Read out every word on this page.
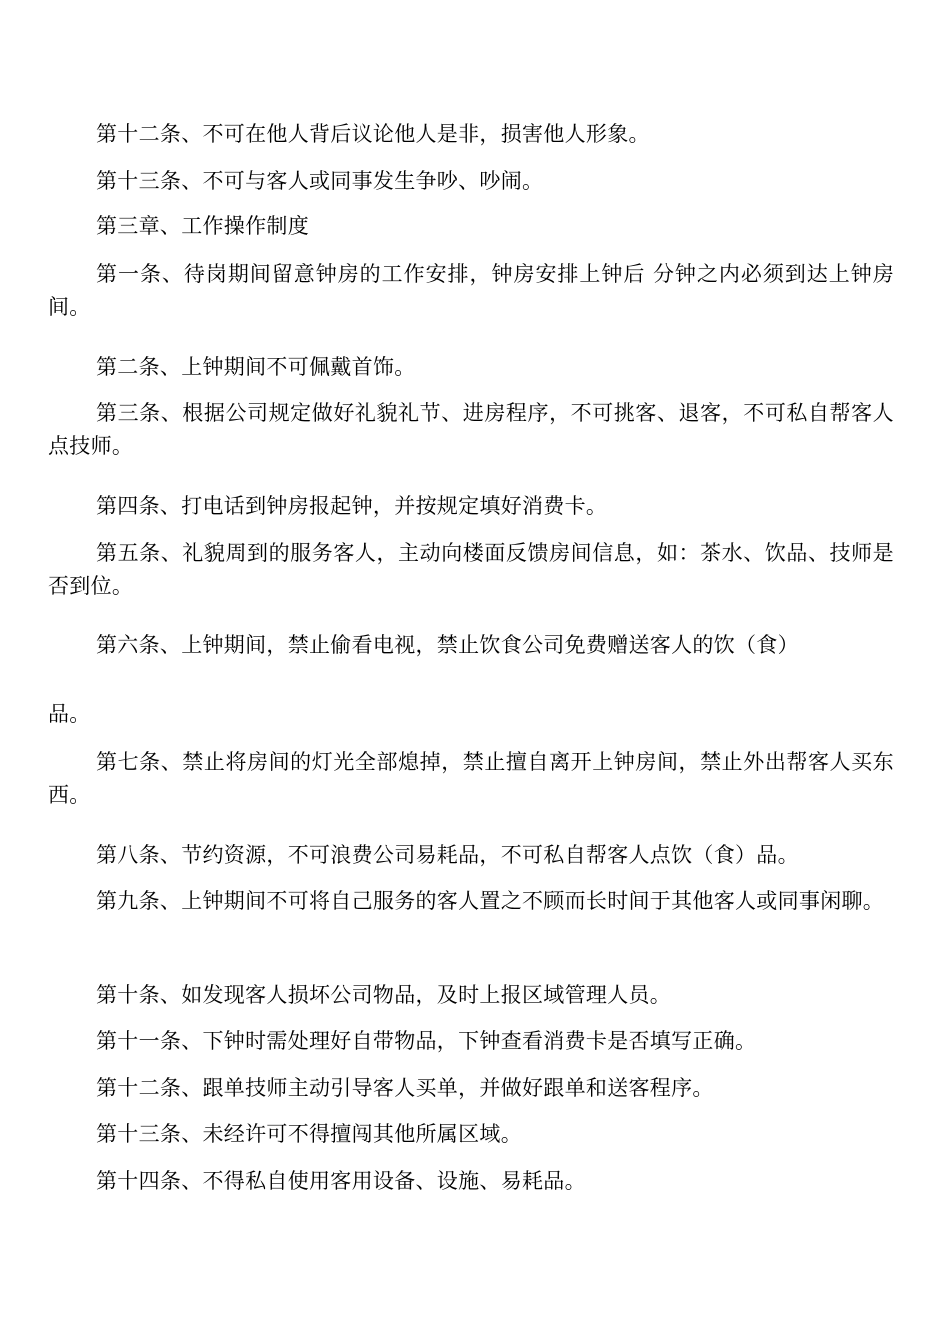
第十二条、不可在他人背后议论他人是非，损害他人形象。

第十三条、不可与客人或同事发生争吵、吵闹。

第三章、工作操作制度

第一条、待岗期间留意钟房的工作安排，钟房安排上钟后 分钟之内必须到达上钟房间。

第二条、上钟期间不可佩戴首饰。

第三条、根据公司规定做好礼貌礼节、进房程序，不可挑客、退客，不可私自帮客人点技师。

第四条、打电话到钟房报起钟，并按规定填好消费卡。

第五条、礼貌周到的服务客人，主动向楼面反馈房间信息，如：茶水、饮品、技师是否到位。

第六条、上钟期间，禁止偷看电视，禁止饮食公司免费赠送客人的饮（食）

品。

第七条、禁止将房间的灯光全部熄掉，禁止擅自离开上钟房间，禁止外出帮客人买东西。

第八条、节约资源，不可浪费公司易耗品，不可私自帮客人点饮（食）品。

第九条、上钟期间不可将自己服务的客人置之不顾而长时间于其他客人或同事闲聊。

第十条、如发现客人损坏公司物品，及时上报区域管理人员。

第十一条、下钟时需处理好自带物品，下钟查看消费卡是否填写正确。

第十二条、跟单技师主动引导客人买单，并做好跟单和送客程序。

第十三条、未经许可不得擅闯其他所属区域。

第十四条、不得私自使用客用设备、设施、易耗品。
